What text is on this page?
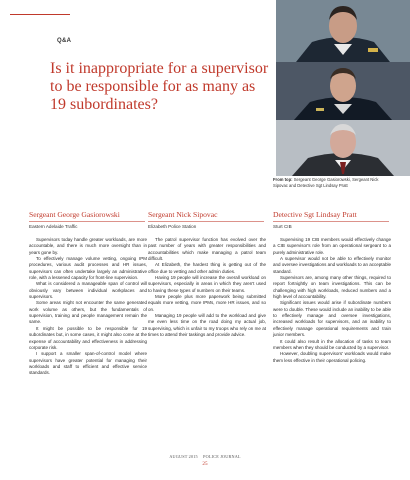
Q&A
Is it inappropriate for a supervisor to be responsible for as many as 19 subordinates?
From top: Sergeant George Gasiorowski, Sergeant Nick Sipovac and Detective Sgt Lindsay Pratt
Sergeant George Gasiorowski
Eastern Adelaide Traffic

Supervisors today handle greater workloads, are more accountable, and there is much more oversight than in years gone by.

To effectively manage volume vetting, ongoing IPM procedures, various audit processes and HR issues, supervisors can often undertake largely an administrative role, with a lessened capacity for front-line supervision.

What is considered a manageable span of control will obviously vary between individual workplaces and supervisors.

Some areas might not encounter the same generated work volume as others, but the fundamentals of supervision, training and people management remain the same.

It might be possible to be responsible for 19 subordinates but, in some cases, it might also come at the expense of accountability and effectiveness in addressing corporate risk.

I support a smaller span-of-control model where supervisors have greater potential for managing their workloads and staff to efficient and effective service standards.

Sergeant Nick Sipovac
Elizabeth Police Station

The patrol supervisor function has evolved over the past number of years with greater responsibilities and accountabilities which make managing a patrol team difficult.

At Elizabeth, the hardest thing is getting out of the office due to vetting and other admin duties.

Having 19 people will increase the overall workload on supervisors, especially in areas in which they aren't used to having these types of numbers on their teams.

More people plus more paperwork being submitted equals more vetting, more IPMs, more HR issues, and so on.

Managing 19 people will add to the workload and give me even less time on the road doing my actual job, supervising, which is unfair to my troops who rely on me at times to attend their taskings and provide advice.

Detective Sgt Lindsay Pratt
Sturt CIB

Supervising 19 CIB members would effectively change a CIB supervisor's role from an operational sergeant to a purely administrative role.

A supervisor would not be able to effectively monitor and oversee investigations and workloads to an acceptable standard.

Supervisors are, among many other things, required to report fortnightly on team investigations. This can be challenging with high workloads, reduced numbers and a high level of accountability.

Significant issues would arise if subordinate numbers were to double. These would include an inability to be able to effectively manage and oversee investigations, increased workloads for supervisors, and an inability to effectively manage operational requirements and train junior members.

It could also result in the allocation of tasks to team members when they should be conducted by a supervisor.

However, doubling supervisors' workloads would make them less effective in their operational policing.

AUGUST 2015 POLICE JOURNAL
25
